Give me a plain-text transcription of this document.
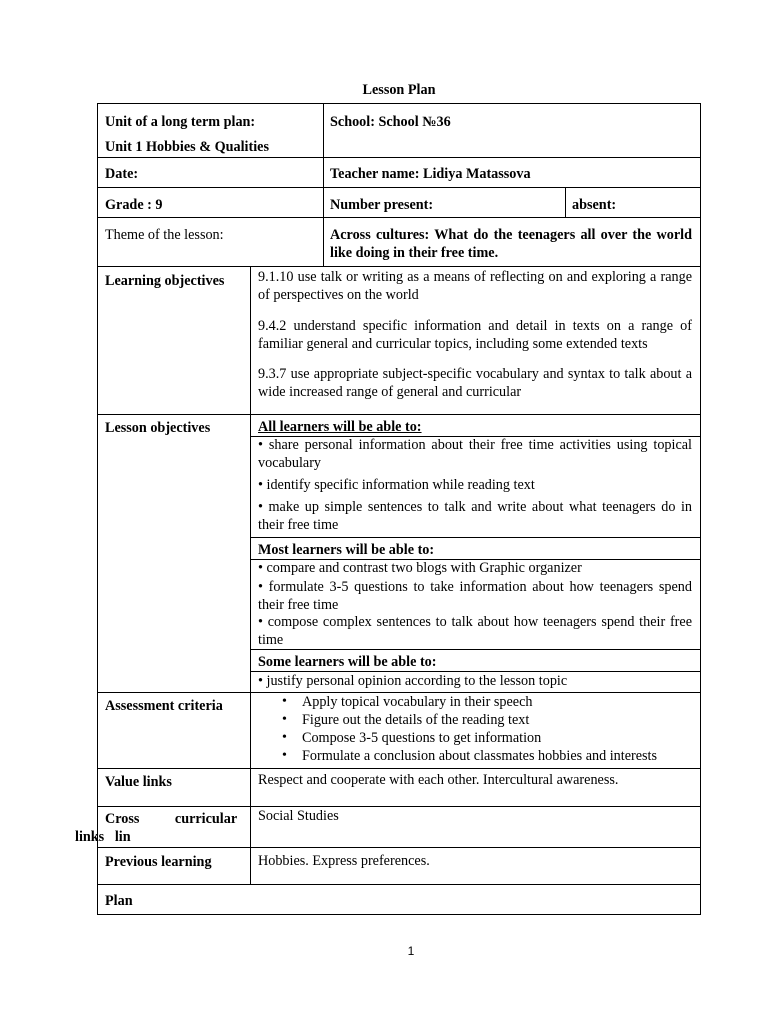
Lesson Plan
Unit of a long term plan:
Unit 1 Hobbies & Qualities
School: School №36
Date:	Teacher name: Lidiya Matassova
Grade : 9	Number present:	absent:
Theme of the lesson:	Across cultures: What do the teenagers all over the world like doing in their free time.
Learning objectives 9.1.10 use talk or writing as a means of reflecting on and exploring a range of perspectives on the world
9.4.2 understand specific information and detail in texts on a range of familiar general and curricular topics, including some extended texts
9.3.7 use appropriate subject-specific vocabulary and syntax to talk about a wide increased range of general and curricular
Lesson objectives	All learners will be able to:
• share personal information about their free time activities using topical vocabulary
• identify specific information while reading text
• make up simple sentences to talk and write about what teenagers do in their free time
Most learners will be able to:
• compare and contrast two blogs with Graphic organizer
• formulate 3-5 questions to take information about how teenagers spend their free time
• compose complex sentences to talk about how teenagers spend their free time
Some learners will be able to:
• justify personal opinion according to the lesson topic
Assessment criteria
•	Apply topical vocabulary in their speech
• Figure out the details of the reading text
• Compose 3-5 questions to get information
• Formulate a conclusion about classmates hobbies and interests
Value links	Respect and cooperate with each other. Intercultural awareness.
Cross          curricular
links   lin
Social Studies
Previous learning	Hobbies. Express preferences.
Plan
1
